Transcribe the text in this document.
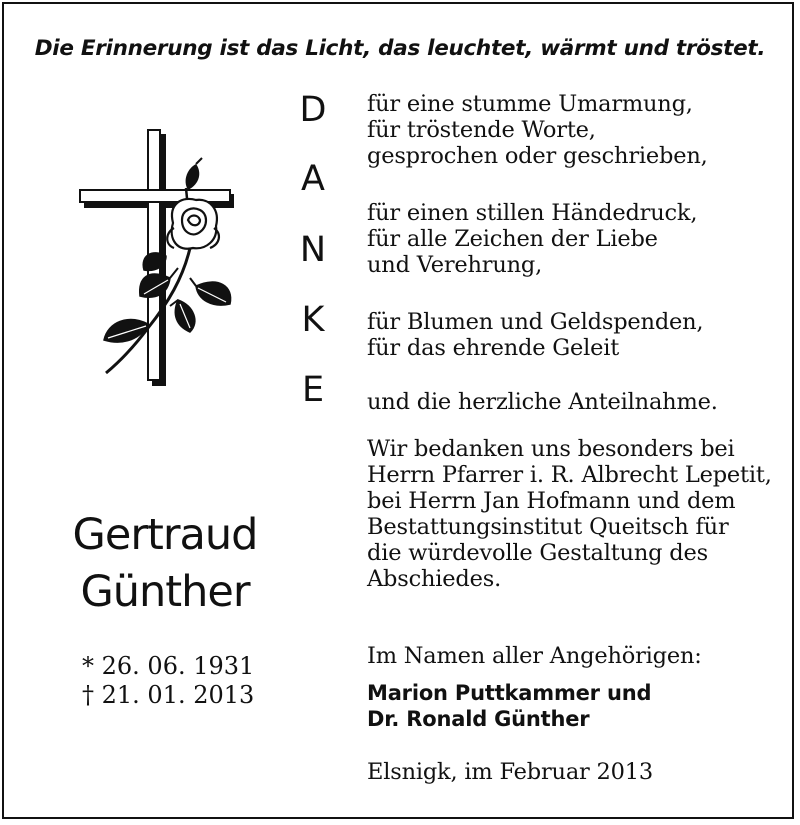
Die Erinnerung ist das Licht, das leuchtet, wärmt und tröstet.
D
A
N
K
E
für eine stumme Umarmung,
für tröstende Worte,
gesprochen oder geschrieben,
für einen stillen Händedruck,
für alle Zeichen der Liebe
und Verehrung,
für Blumen und Geldspenden,
für das ehrende Geleit
und die herzliche Anteilnahme.
Wir bedanken uns besonders bei
Herrn Pfarrer i. R. Albrecht Lepetit,
bei Herrn Jan Hofmann und dem
Bestattungsinstitut Queitsch für
die würdevolle Gestaltung des
Abschiedes.
Gertraud
Günther
* 26. 06. 1931
† 21. 01. 2013
Im Namen aller Angehörigen:
Marion Puttkammer und
Dr. Ronald Günther
Elsnigk, im Februar 2013
